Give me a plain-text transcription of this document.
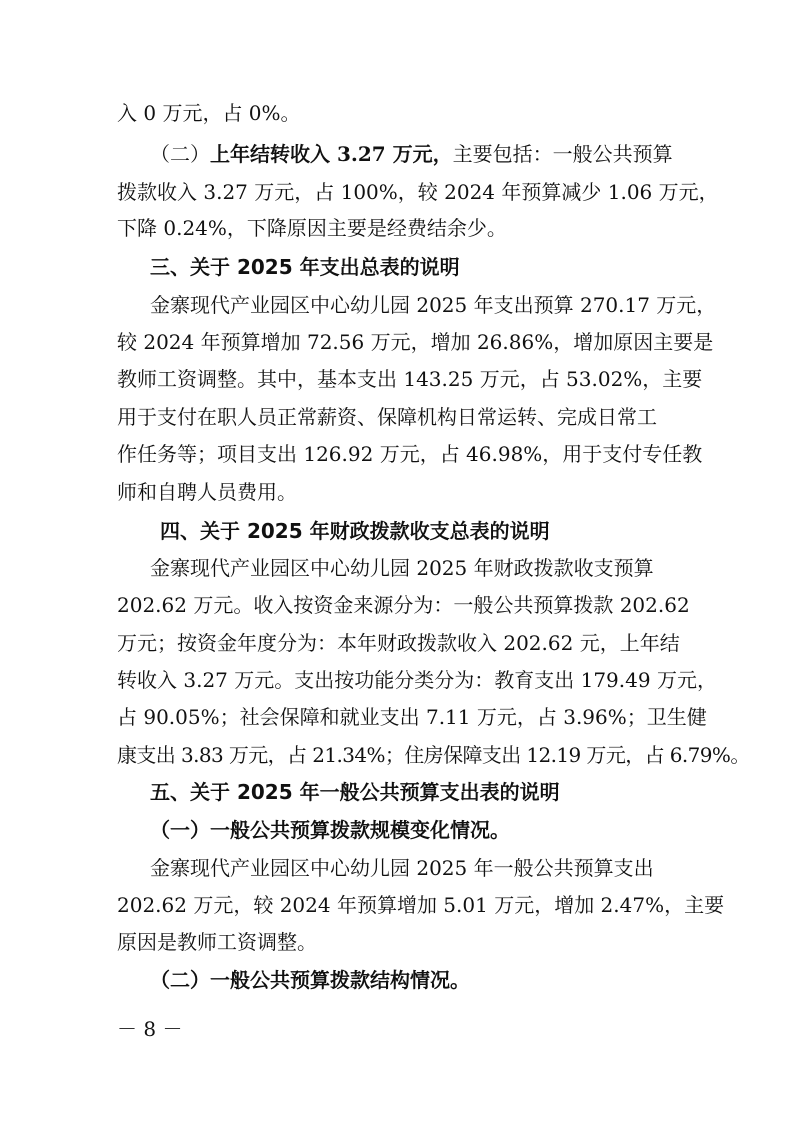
入 0 万元，占 0%。
（二）上年结转收入 3.27 万元，主要包括：一般公共预算
拨款收入 3.27 万元，占 100%，较 2024 年预算减少 1.06 万元，
下降 0.24%，下降原因主要是经费结余少。
三、关于 2025 年支出总表的说明
金寨现代产业园区中心幼儿园 2025 年支出预算 270.17 万元，
较 2024 年预算增加 72.56 万元，增加 26.86%，增加原因主要是
教师工资调整。其中，基本支出 143.25 万元，占 53.02%，主要
用于支付在职人员正常薪资、保障机构日常运转、完成日常工
作任务等；项目支出 126.92 万元，占 46.98%，用于支付专任教
师和自聘人员费用。
四、关于 2025 年财政拨款收支总表的说明
金寨现代产业园区中心幼儿园 2025 年财政拨款收支预算
202.62 万元。收入按资金来源分为：一般公共预算拨款 202.62
万元；按资金年度分为：本年财政拨款收入 202.62 元，上年结
转收入 3.27 万元。支出按功能分类分为：教育支出 179.49 万元，
占 90.05%；社会保障和就业支出 7.11 万元，占 3.96%；卫生健
康支出 3.83 万元，占 21.34%；住房保障支出 12.19 万元，占 6.79%。
五、关于 2025 年一般公共预算支出表的说明
（一）一般公共预算拨款规模变化情况。
金寨现代产业园区中心幼儿园 2025 年一般公共预算支出
202.62 万元，较 2024 年预算增加 5.01 万元，增加 2.47%，主要
原因是教师工资调整。
（二）一般公共预算拨款结构情况。
－ 8 －
